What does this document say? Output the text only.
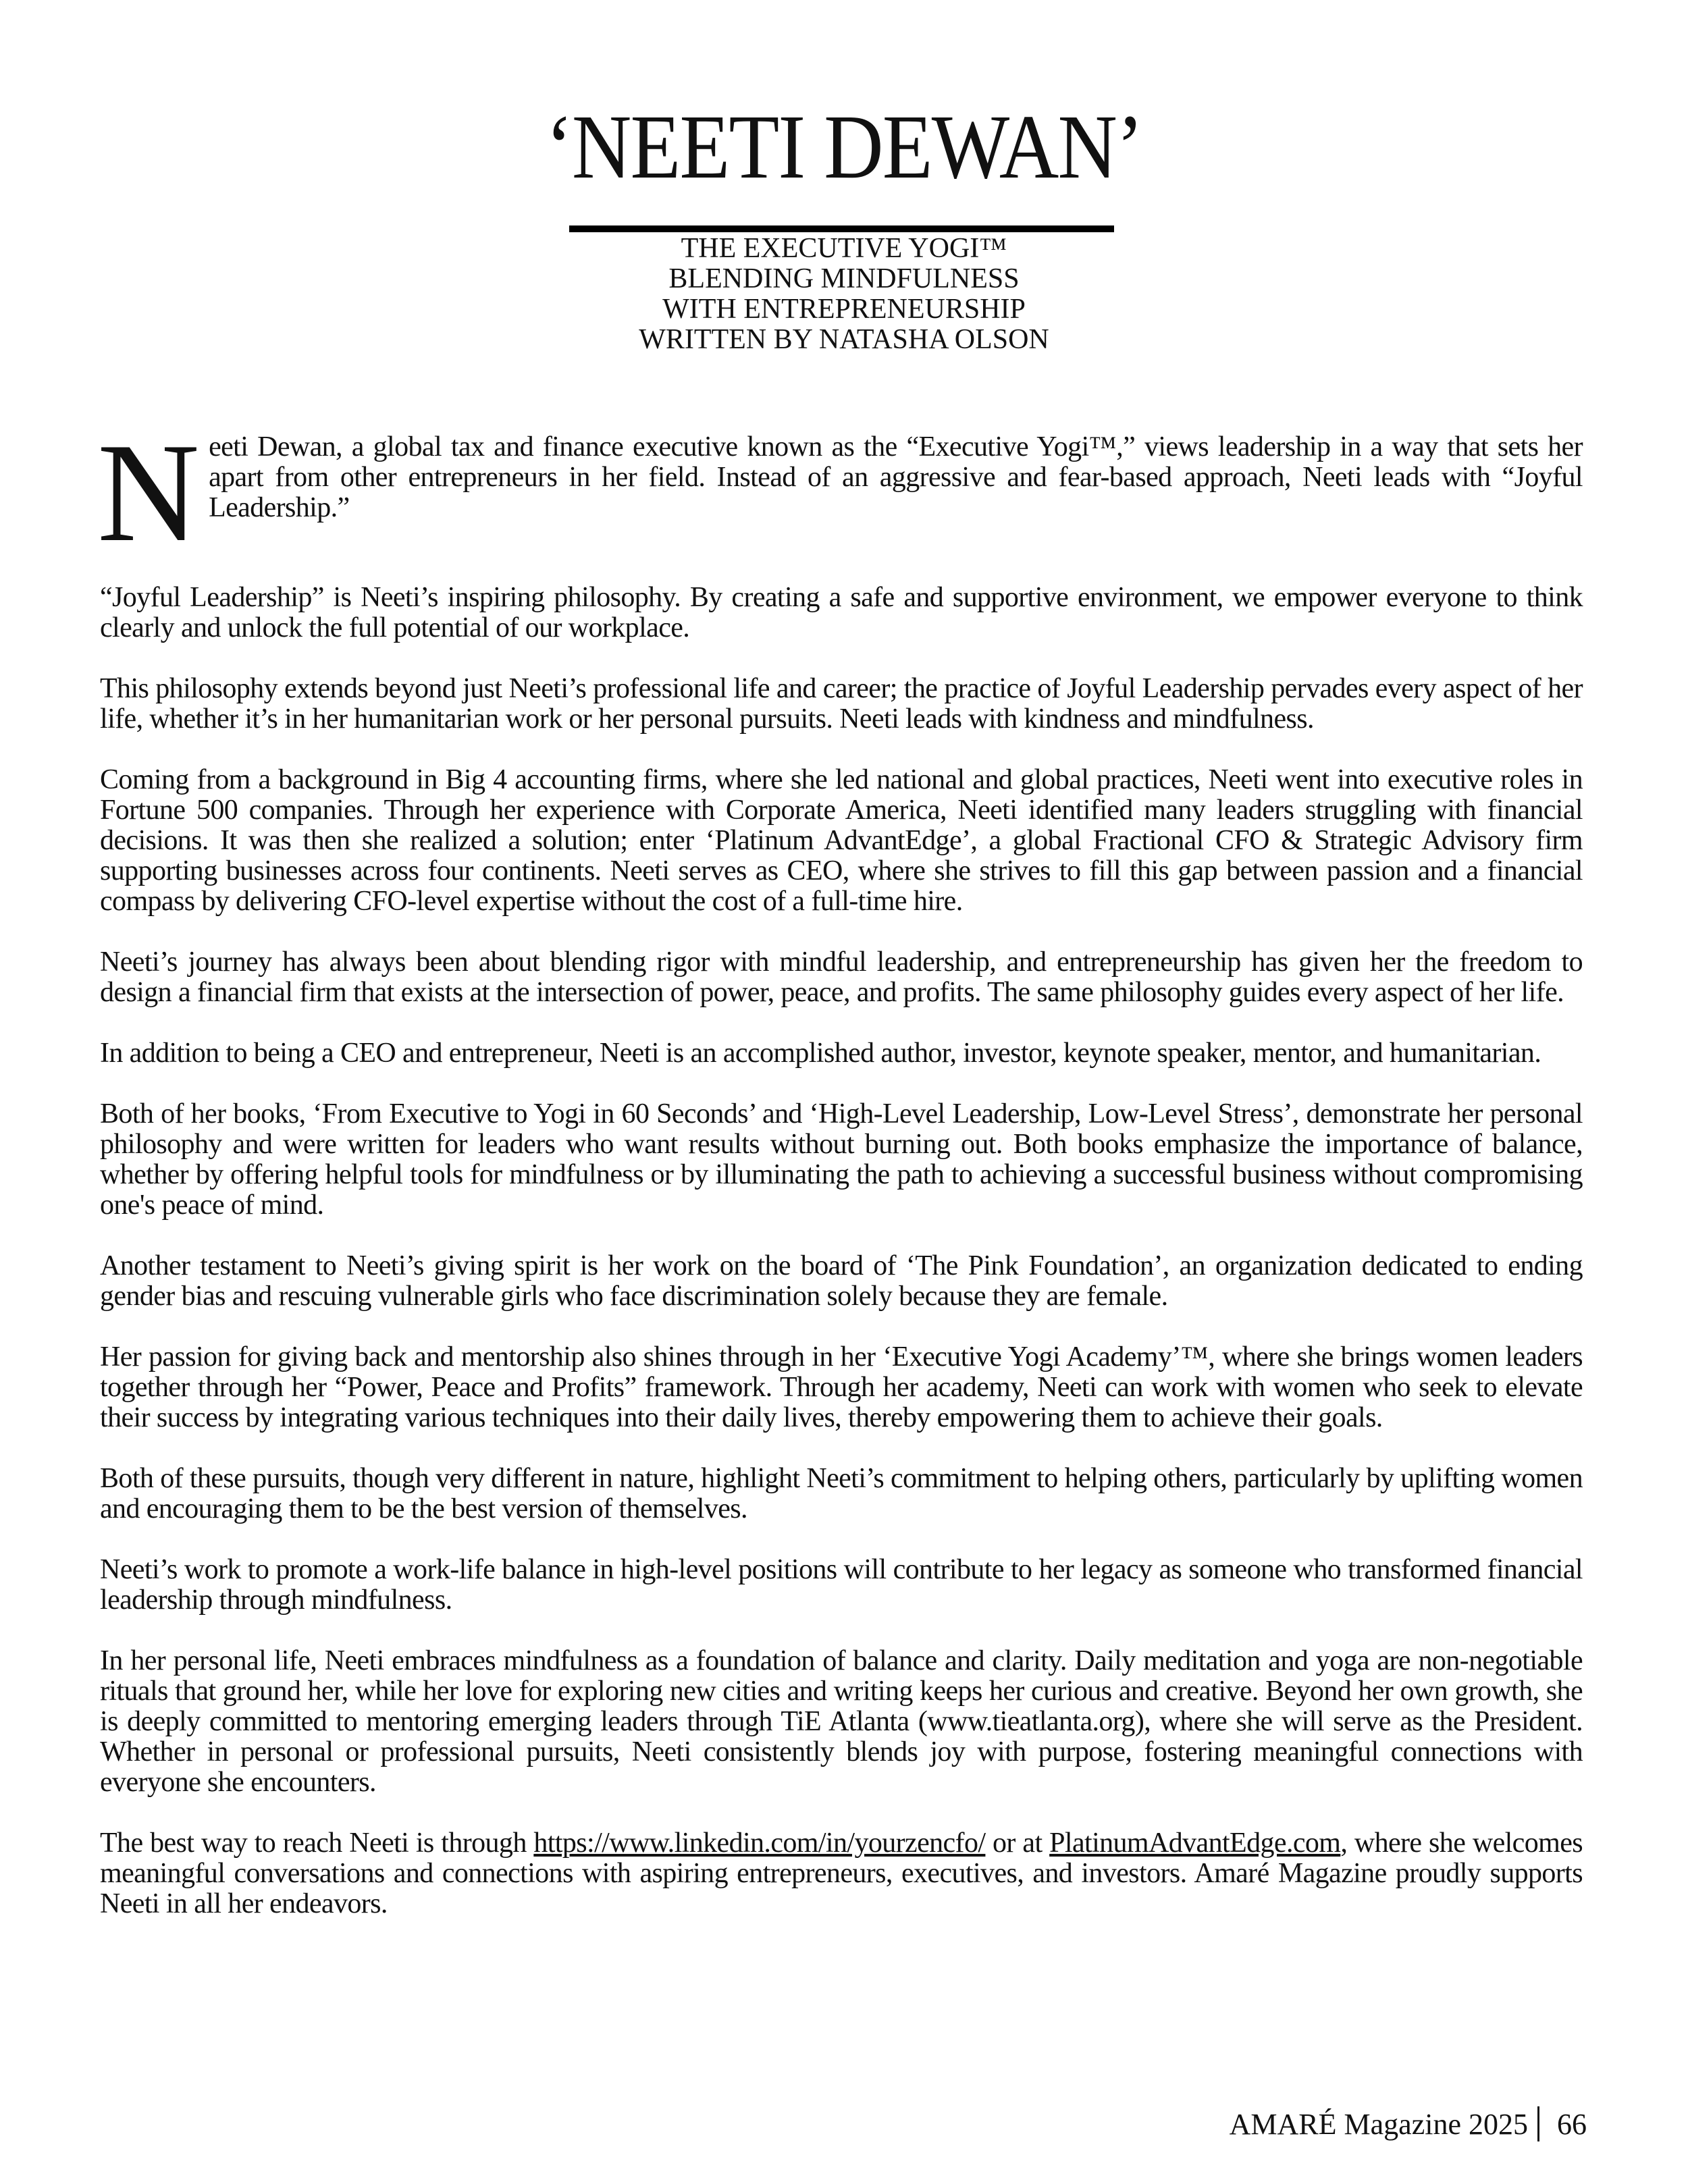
‘NEETI DEWAN’
THE EXECUTIVE YOGI™
BLENDING MINDFULNESS
WITH ENTREPRENEURSHIP
WRITTEN BY NATASHA OLSON

Neeti Dewan, a global tax and finance executive known as the “Executive Yogi™,” views leadership in a way that sets her apart from other entrepreneurs in her field. Instead of an aggressive and fear-based approach, Neeti leads with “Joyful Leadership.”

“Joyful Leadership” is Neeti’s inspiring philosophy. By creating a safe and supportive environment, we empower everyone to think clearly and unlock the full potential of our workplace.

This philosophy extends beyond just Neeti’s professional life and career; the practice of Joyful Leadership pervades every aspect of her life, whether it’s in her humanitarian work or her personal pursuits. Neeti leads with kindness and mindfulness.

Coming from a background in Big 4 accounting firms, where she led national and global practices, Neeti went into executive roles in Fortune 500 companies. Through her experience with Corporate America, Neeti identified many leaders struggling with financial decisions. It was then she realized a solution; enter ‘Platinum AdvantEdge’, a global Fractional CFO & Strategic Advisory firm supporting businesses across four continents. Neeti serves as CEO, where she strives to fill this gap between passion and a financial compass by delivering CFO-level expertise without the cost of a full-time hire.

Neeti’s journey has always been about blending rigor with mindful leadership, and entrepreneurship has given her the freedom to design a financial firm that exists at the intersection of power, peace, and profits. The same philosophy guides every aspect of her life.

In addition to being a CEO and entrepreneur, Neeti is an accomplished author, investor, keynote speaker, mentor, and humanitarian.

Both of her books, ‘From Executive to Yogi in 60 Seconds’ and ‘High-Level Leadership, Low-Level Stress’, demonstrate her personal philosophy and were written for leaders who want results without burning out. Both books emphasize the importance of balance, whether by offering helpful tools for mindfulness or by illuminating the path to achieving a successful business without compromising one's peace of mind.

Another testament to Neeti’s giving spirit is her work on the board of ‘The Pink Foundation’, an organization dedicated to ending gender bias and rescuing vulnerable girls who face discrimination solely because they are female.

Her passion for giving back and mentorship also shines through in her ‘Executive Yogi Academy’™, where she brings women leaders together through her “Power, Peace and Profits” framework. Through her academy, Neeti can work with women who seek to elevate their success by integrating various techniques into their daily lives, thereby empowering them to achieve their goals.

Both of these pursuits, though very different in nature, highlight Neeti’s commitment to helping others, particularly by uplifting women and encouraging them to be the best version of themselves.

Neeti’s work to promote a work-life balance in high-level positions will contribute to her legacy as someone who transformed financial leadership through mindfulness.

In her personal life, Neeti embraces mindfulness as a foundation of balance and clarity. Daily meditation and yoga are non-negotiable rituals that ground her, while her love for exploring new cities and writing keeps her curious and creative. Beyond her own growth, she is deeply committed to mentoring emerging leaders through TiE Atlanta (www.tieatlanta.org), where she will serve as the President. Whether in personal or professional pursuits, Neeti consistently blends joy with purpose, fostering meaningful connections with everyone she encounters.

The best way to reach Neeti is through https://www.linkedin.com/in/yourzencfo/ or at PlatinumAdvantEdge.com, where she welcomes meaningful conversations and connections with aspiring entrepreneurs, executives, and investors. Amaré Magazine proudly supports Neeti in all her endeavors.

AMARÉ Magazine 2025 66
